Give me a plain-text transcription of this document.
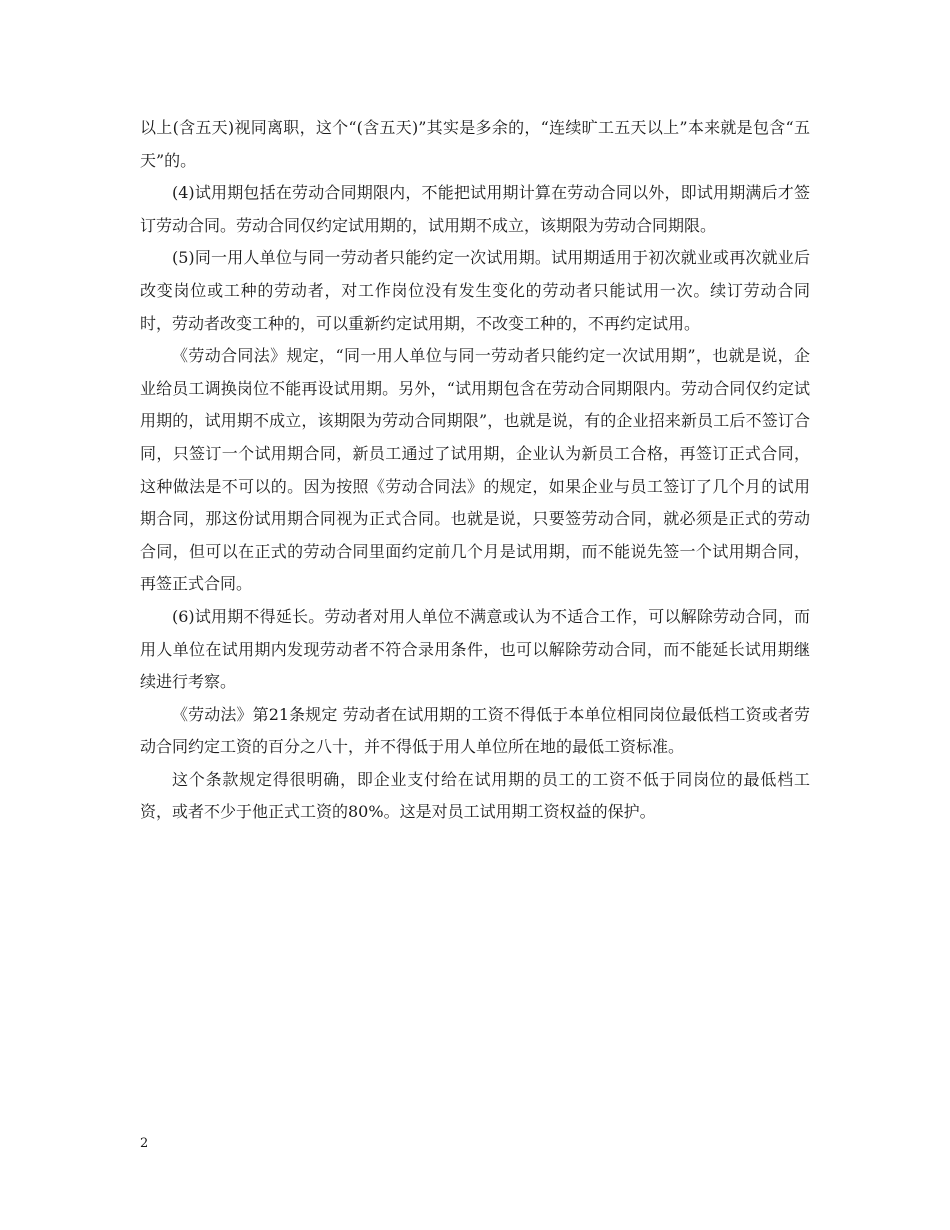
以上(含五天)视同离职，这个“(含五天)”其实是多余的，“连续旷工五天以上”本来就是包含“五天”的。

(4)试用期包括在劳动合同期限内，不能把试用期计算在劳动合同以外，即试用期满后才签订劳动合同。劳动合同仅约定试用期的，试用期不成立，该期限为劳动合同期限。

(5)同一用人单位与同一劳动者只能约定一次试用期。试用期适用于初次就业或再次就业后改变岗位或工种的劳动者，对工作岗位没有发生变化的劳动者只能试用一次。续订劳动合同时，劳动者改变工种的，可以重新约定试用期，不改变工种的，不再约定试用。

《劳动合同法》规定，“同一用人单位与同一劳动者只能约定一次试用期”，也就是说，企业给员工调换岗位不能再设试用期。另外，“试用期包含在劳动合同期限内。劳动合同仅约定试用期的，试用期不成立，该期限为劳动合同期限”，也就是说，有的企业招来新员工后不签订合同，只签订一个试用期合同，新员工通过了试用期，企业认为新员工合格，再签订正式合同，这种做法是不可以的。因为按照《劳动合同法》的规定，如果企业与员工签订了几个月的试用期合同，那这份试用期合同视为正式合同。也就是说，只要签劳动合同，就必须是正式的劳动合同，但可以在正式的劳动合同里面约定前几个月是试用期，而不能说先签一个试用期合同，再签正式合同。

(6)试用期不得延长。劳动者对用人单位不满意或认为不适合工作，可以解除劳动合同，而用人单位在试用期内发现劳动者不符合录用条件，也可以解除劳动合同，而不能延长试用期继续进行考察。

《劳动法》第21条规定 劳动者在试用期的工资不得低于本单位相同岗位最低档工资或者劳动合同约定工资的百分之八十，并不得低于用人单位所在地的最低工资标准。

这个条款规定得很明确，即企业支付给在试用期的员工的工资不低于同岗位的最低档工资，或者不少于他正式工资的80%。这是对员工试用期工资权益的保护。

2
